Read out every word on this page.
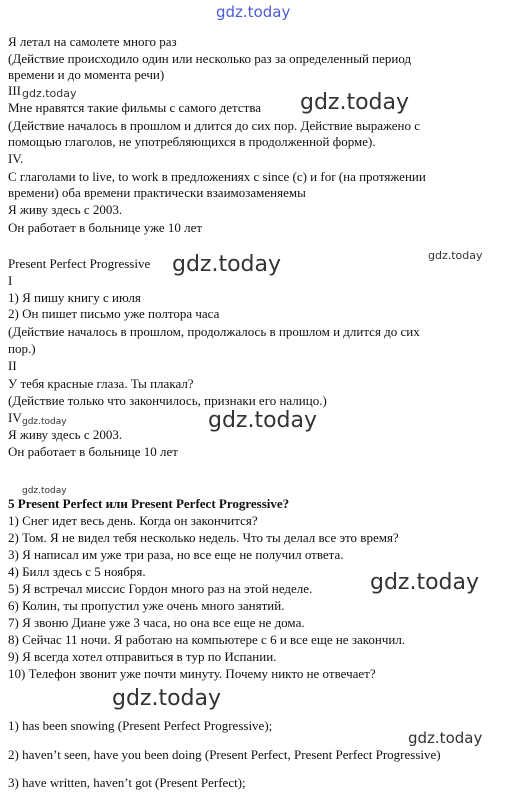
gdz.today
gdz.today	gdz.today
gdz.today	gdz.today
gdz.today	gdz.today
gdz.today
gdz.today
gdz.today
gdz.today

Я летал на самолете много раз

(Действие происходило один или несколько раз за определенный период

времени и до момента речи)

III

Мне нравятся такие фильмы с самого детства

(Действие началось в прошлом и длится до сих пор. Действие выражено с

помощью глаголов, не употребляющихся в продолженной форме).

IV.

С глаголами to live, to work в предложениях с since (с) и for (на протяжении

времени) оба времени практически взаимозаменяемы

Я живу здесь с 2003.

Он работает в больнице уже 10 лет

Present Perfect Progressive

I

1) Я пишу книгу с июля

2) Он пишет письмо уже полтора часа

(Действие началось в прошлом, продолжалось в прошлом и длится до сих

пор.)

II

У тебя красные глаза. Ты плакал?

(Действие только что закончилось, признаки его налицо.)

IV

Я живу здесь с 2003.

Он работает в больнице 10 лет

5 Present Perfect или Present Perfect Progressive?

1) Снег идет весь день. Когда он закончится?

2) Том. Я не видел тебя несколько недель. Что ты делал все это время?

3) Я написал им уже три раза, но все еще не получил ответа.

4) Билл здесь с 5 ноября.

5) Я встречал миссис Гордон много раз на этой неделе.

6) Колин, ты пропустил уже очень много занятий.

7) Я звоню Диане уже 3 часа, но она все еще не дома.

8) Сейчас 11 ночи. Я работаю на компьютере с 6 и все еще не закончил.

9) Я всегда хотел отправиться в тур по Испании.

10) Телефон звонит уже почти минуту. Почему никто не отвечает?

1) has been snowing (Present Perfect Progressive);

2) haven’t seen, have you been doing (Present Perfect, Present Perfect Progressive)

3) have written, haven’t got (Present Perfect);
